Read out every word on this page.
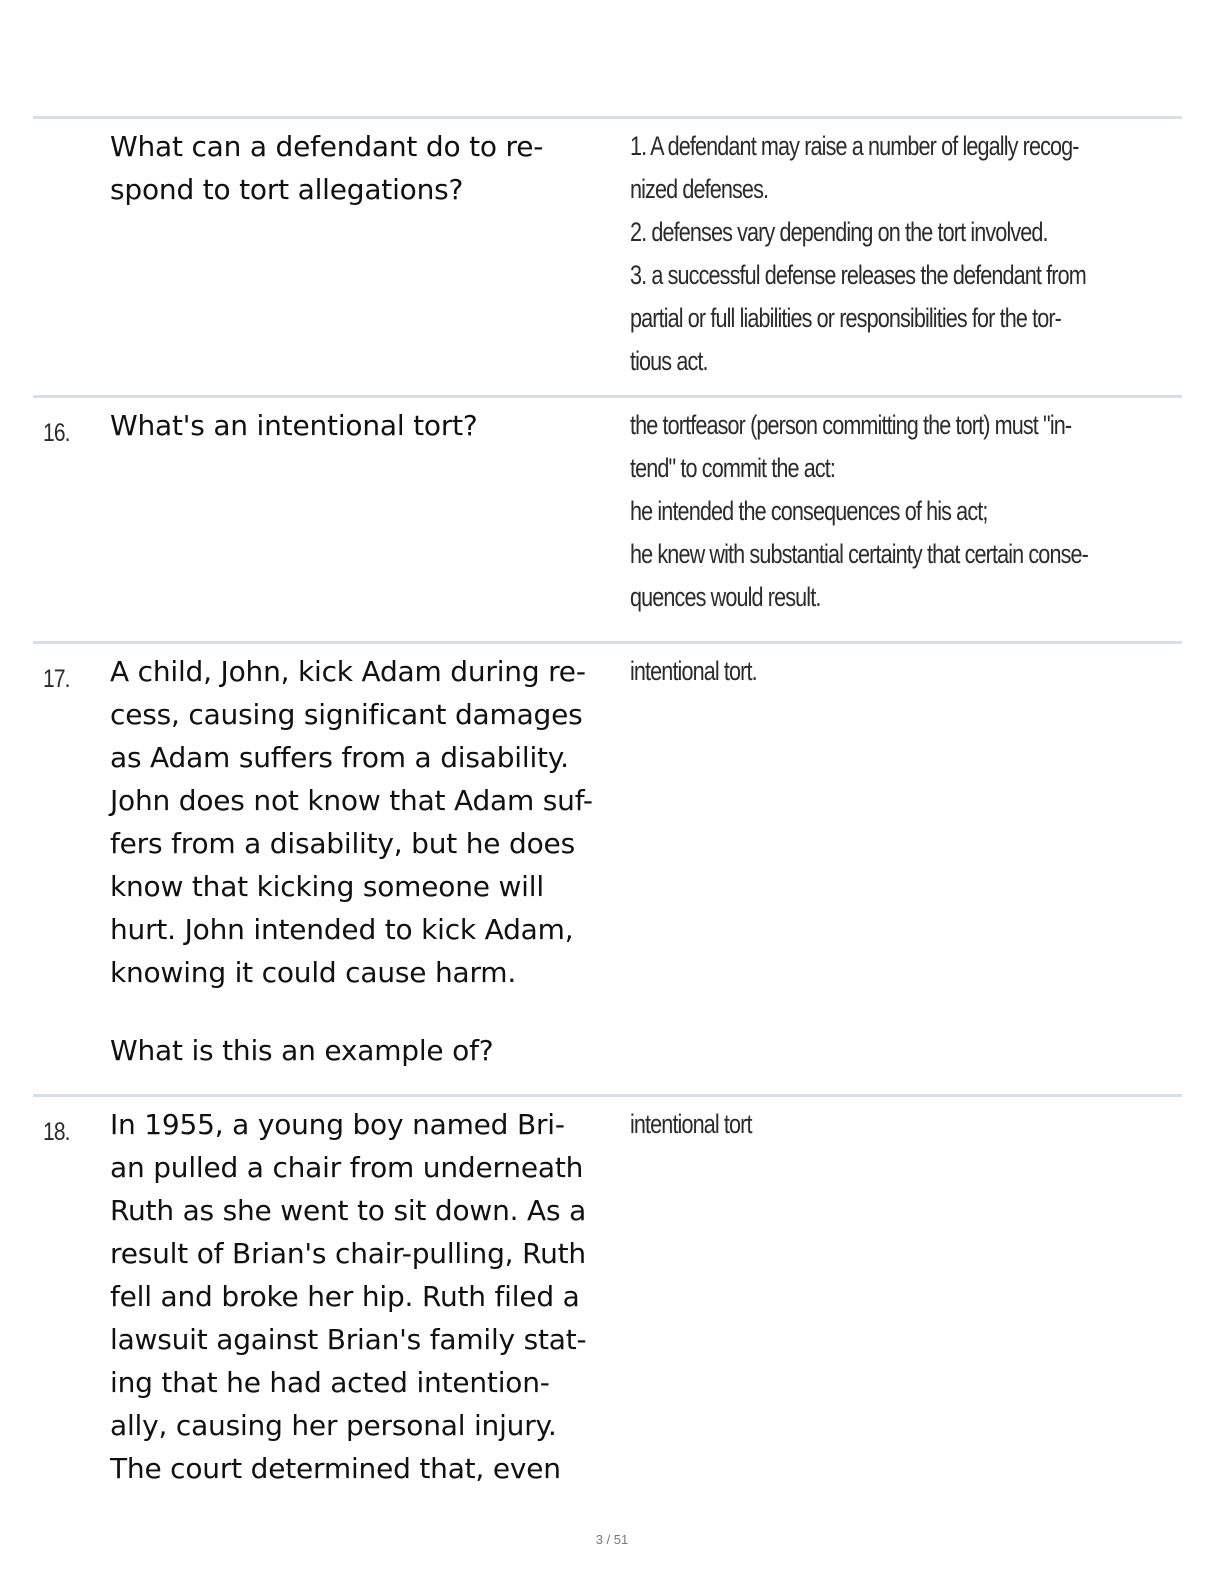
What can a defendant do to re-
spond to tort allegations?
1. A defendant may raise a number of legally recog-
nized defenses.
2. defenses vary depending on the tort involved.
3. a successful defense releases the defendant from
partial or full liabilities or responsibilities for the tor-
tious act.
16. What's an intentional tort?	the tortfeasor (person committing the tort) must "in-
tend" to commit the act:
he intended the consequences of his act;
he knew with substantial certainty that certain conse-
quences would result.
17. A child, John, kick Adam during re-
cess, causing significant damages
as Adam suffers from a disability.
John does not know that Adam suf-
fers from a disability, but he does
know that kicking someone will
hurt. John intended to kick Adam,
knowing it could cause harm.
What is this an example of?
intentional tort.
18. In 1955, a young boy named Bri-
an pulled a chair from underneath
Ruth as she went to sit down. As a
result of Brian's chair-pulling, Ruth
fell and broke her hip. Ruth filed a
lawsuit against Brian's family stat-
ing that he had acted intention-
ally, causing her personal injury.
The court determined that, even
intentional tort
3 / 51
